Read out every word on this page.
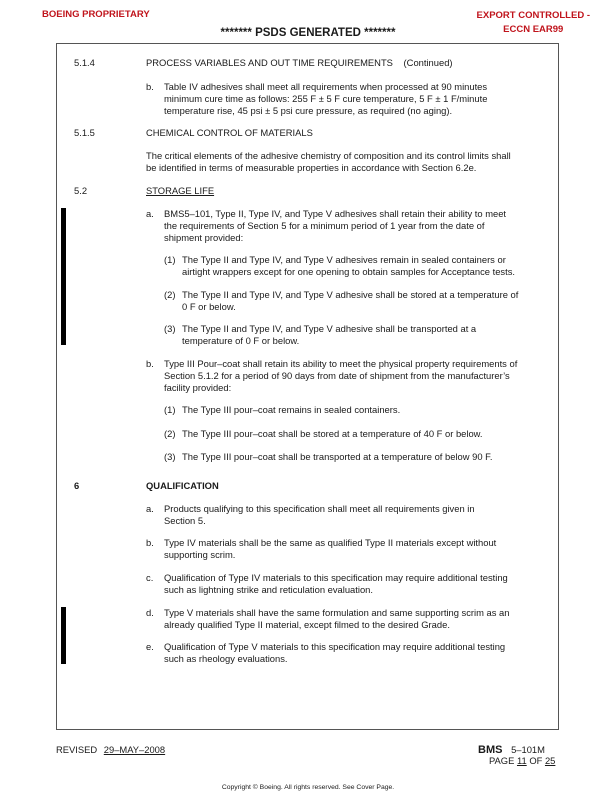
BOEING PROPRIETARY	EXPORT CONTROLLED -
ECCN EAR99
******* PSDS GENERATED *******
5.1.4	PROCESS VARIABLES AND OUT TIME REQUIREMENTS (Continued)
b. Table IV adhesives shall meet all requirements when processed at 90 minutes
minimum cure time as follows: 255 F ± 5 F cure temperature, 5 F ± 1 F/minute
temperature rise, 45 psi ± 5 psi cure pressure, as required (no aging).
5.1.5	CHEMICAL CONTROL OF MATERIALS
The critical elements of the adhesive chemistry of composition and its control limits shall
be identified in terms of measurable properties in accordance with Section 6.2e.
5.2	STORAGE LIFE
a. BMS5–101, Type II, Type IV, and Type V adhesives shall retain their ability to meet
the requirements of Section 5 for a minimum period of 1 year from the date of
shipment provided:
(1) The Type II and Type IV, and Type V adhesives remain in sealed containers or
airtight wrappers except for one opening to obtain samples for Acceptance tests.
(2) The Type II and Type IV, and Type V adhesive shall be stored at a temperature of
0 F or below.
(3) The Type II and Type IV, and Type V adhesive shall be transported at a
temperature of 0 F or below.
b. Type III Pour–coat shall retain its ability to meet the physical property requirements of
Section 5.1.2 for a period of 90 days from date of shipment from the manufacturer’s
facility provided:
(1) The Type III pour–coat remains in sealed containers.
(2) The Type III pour–coat shall be stored at a temperature of 40 F or below.
(3) The Type III pour–coat shall be transported at a temperature of below 90 F.
6	QUALIFICATION
a. Products qualifying to this specification shall meet all requirements given in
Section 5.
b. Type IV materials shall be the same as qualified Type II materials except without
supporting scrim.
c. Qualification of Type IV materials to this specification may require additional testing
such as lightning strike and reticulation evaluation.
d. Type V materials shall have the same formulation and same supporting scrim as an
already qualified Type II material, except filmed to the desired Grade.
e. Qualification of Type V materials to this specification may require additional testing
such as rheology evaluations.
REVISED 29–MAY–2008	BMS 5–101M
PAGE 11 OF 25
Copyright © Boeing. All rights reserved. See Cover Page.
